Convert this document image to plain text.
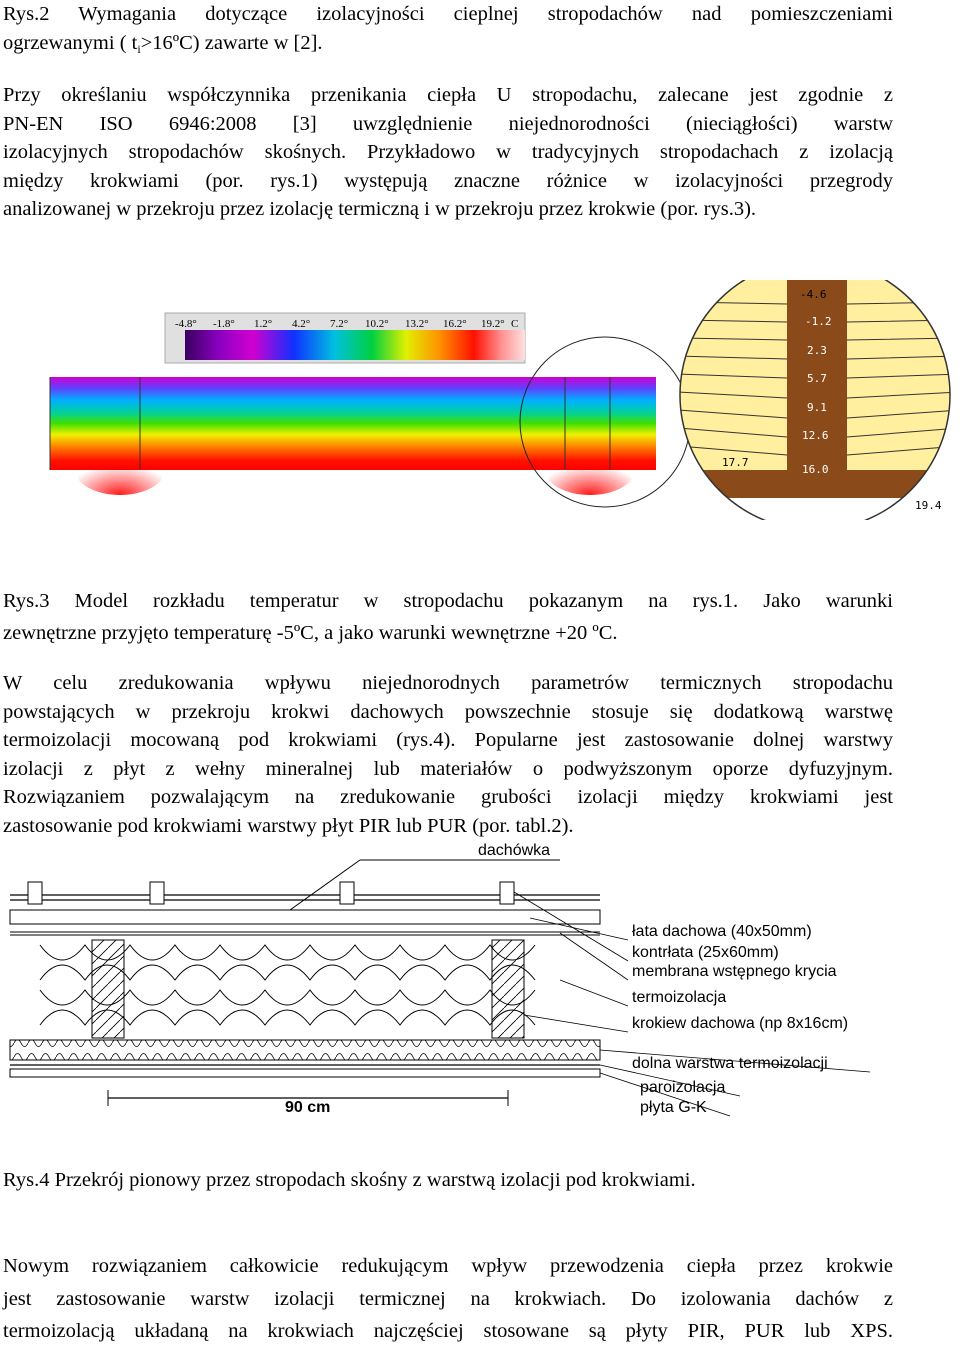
Rys.2 Wymagania dotyczące izolacyjności cieplnej stropodachów nad pomieszczeniami
ogrzewanymi ( $t_i>16ºC$) zawarte w [2].
Przy określaniu współczynnika przenikania ciepła U stropodachu, zalecane jest zgodnie z
PN-EN ISO 6946:2008 [3] uwzględnienie niejednorodności (nieciągłości) warstw
izolacyjnych stropodachów skośnych. Przykładowo w tradycyjnych stropodachach z izolacją
między krokwiami (por. rys.1) występują znaczne różnice w izolacyjności przegrody
analizowanej w przekroju przez izolację termiczną i w przekroju przez krokwie (por. rys.3).
-4.8° -1.8° 1.2° 4.2° 7.2° 10.2° 13.2° 16.2° 19.2° C
-4.6
-1.2
2.3
5.7
9.1
12.6
16.0
17.7
19.4
Rys.3 Model rozkładu temperatur w stropodachu pokazanym na rys.1. Jako warunki
zewnętrzne przyjęto temperaturę -5ºC, a jako warunki wewnętrzne +20 ºC.
W celu zredukowania wpływu niejednorodnych parametrów termicznych stropodachu
powstających w przekroju krokwi dachowych powszechnie stosuje się dodatkową warstwę
termoizolacji mocowaną pod krokwiami (rys.4). Popularne jest zastosowanie dolnej warstwy
izolacji z płyt z wełny mineralnej lub materiałów o podwyższonym oporze dyfuzyjnym.
Rozwiązaniem pozwalającym na zredukowanie grubości izolacji między krokwiami jest
zastosowanie pod krokwiami warstwy płyt PIR lub PUR (por. tabl.2).
dachówka
90 cm
łata dachowa (40x50mm)
kontrłata (25x60mm)
membrana wstępnego krycia
termoizolacja
krokiew dachowa (np 8x16cm)
dolna warstwa termoizolacji
paroizolacja
płyta G-K
Rys.4 Przekrój pionowy przez stropodach skośny z warstwą izolacji pod krokwiami.
Nowym rozwiązaniem całkowicie redukującym wpływ przewodzenia ciepła przez krokwie
jest zastosowanie warstw izolacji termicznej na krokwiach. Do izolowania dachów z
termoizolacją układaną na krokwiach najczęściej stosowane są płyty PIR, PUR lub XPS.
